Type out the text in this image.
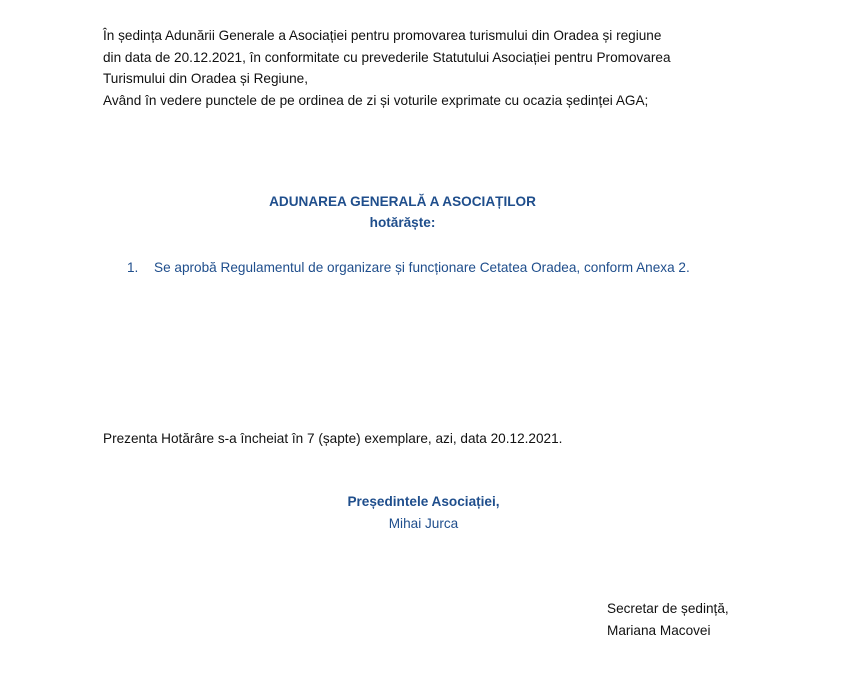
În ședința Adunării Generale a Asociației pentru promovarea turismului din Oradea și regiune

din data de 20.12.2021, în conformitate cu prevederile Statutului Asociației pentru Promovarea

Turismului din Oradea și Regiune,

Având în vedere punctele de pe ordinea de zi și voturile exprimate cu ocazia ședinței AGA;

ADUNAREA GENERALĂ A ASOCIAȚILOR
hotărăște:
1.	Se aprobă Regulamentul de organizare și funcționare Cetatea Oradea, conform Anexa 2.
Prezenta Hotărâre s-a încheiat în 7 (șapte) exemplare, azi, data 20.12.2021.
Președintele Asociației,
Mihai Jurca
Secretar de ședință,
Mariana Macovei
